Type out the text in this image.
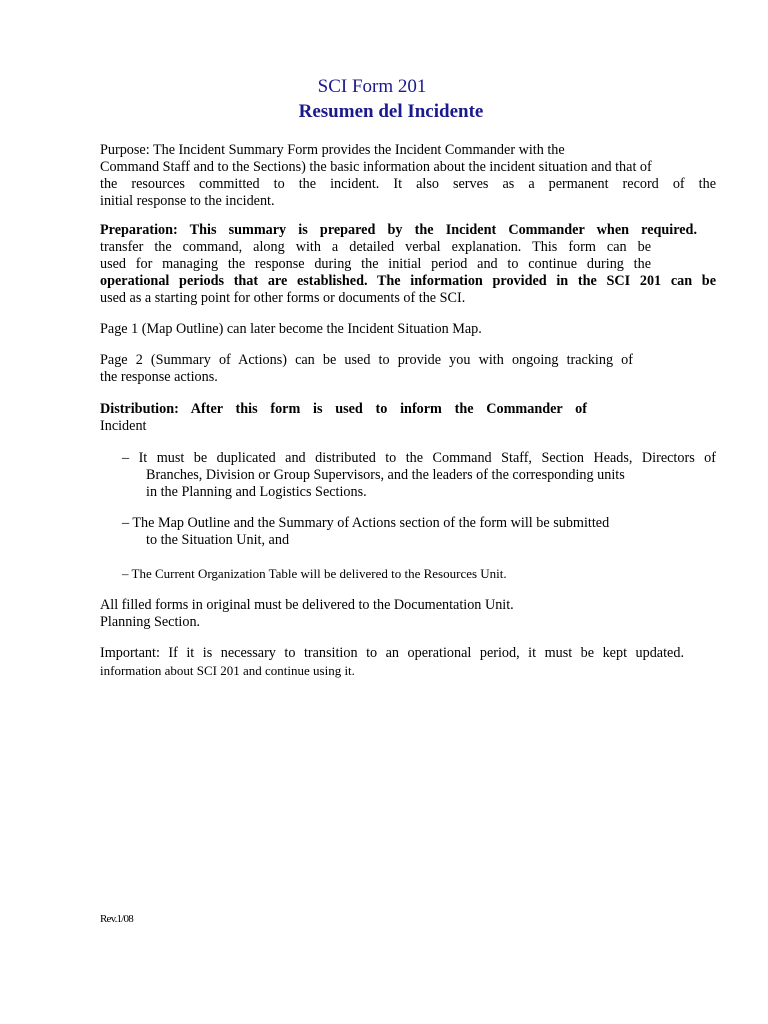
SCI Form 201
Resumen del Incidente
Purpose: The Incident Summary Form provides the Incident Commander with the
Command Staff and to the Sections) the basic information about the incident situation and that of
the resources committed to the incident. It also serves as a permanent record of the
initial response to the incident.
Preparation: This summary is prepared by the Incident Commander when required.
transfer the command, along with a detailed verbal explanation. This form can be
used for managing the response during the initial period and to continue during the
operational periods that are established. The information provided in the SCI 201 can be
used as a starting point for other forms or documents of the SCI.
Page 1 (Map Outline) can later become the Incident Situation Map.
Page 2 (Summary of Actions) can be used to provide you with ongoing tracking of
the response actions.
Distribution: After this form is used to inform the Commander of
Incident
– It must be duplicated and distributed to the Command Staff, Section Heads, Directors of
Branches, Division or Group Supervisors, and the leaders of the corresponding units
in the Planning and Logistics Sections.
– The Map Outline and the Summary of Actions section of the form will be submitted
to the Situation Unit, and
– The Current Organization Table will be delivered to the Resources Unit.
All filled forms in original must be delivered to the Documentation Unit.
Planning Section.
Important: If it is necessary to transition to an operational period, it must be kept updated.
information about SCI 201 and continue using it.
Rev.1/08
